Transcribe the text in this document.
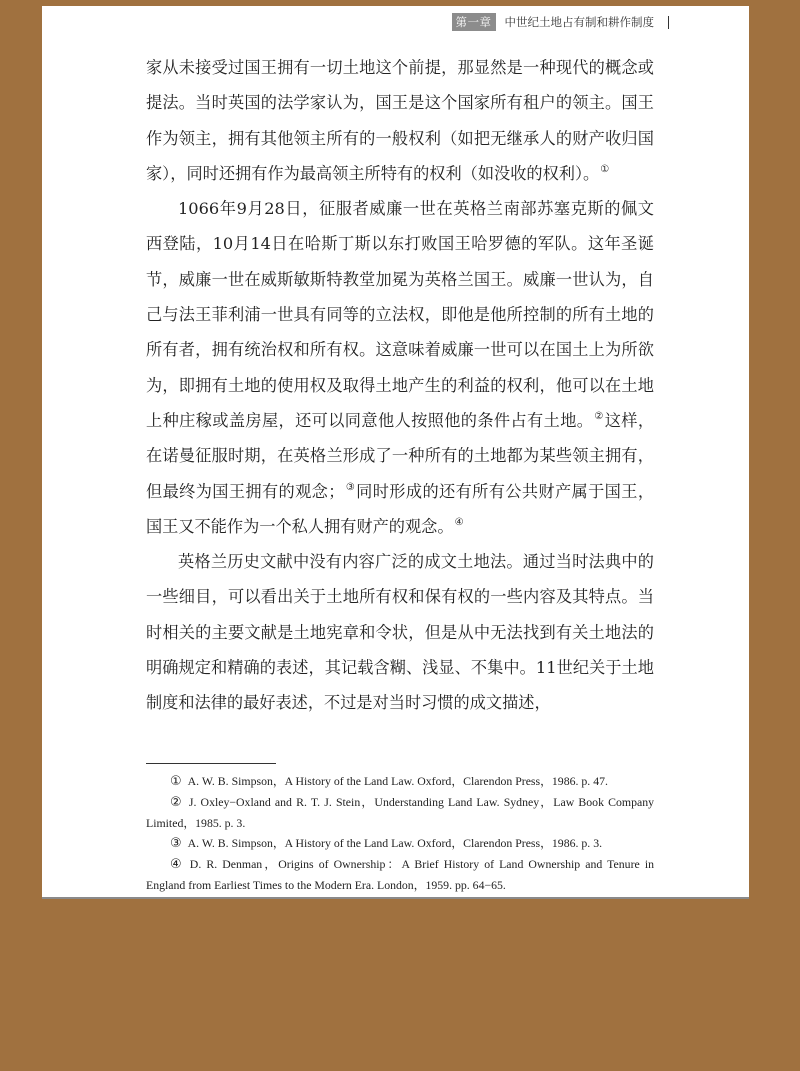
第一章	中世纪土地占有制和耕作制度

家从未接受过国王拥有一切土地这个前提，那显然是一种现代的概念或提法。当时英国的法学家认为，国王是这个国家所有租户的领主。国王作为领主，拥有其他领主所有的一般权利（如把无继承人的财产收归国家），同时还拥有作为最高领主所特有的权利（如没收的权利）。①

1066年9月28日，征服者威廉一世在英格兰南部苏塞克斯的佩文西登陆，10月14日在哈斯丁斯以东打败国王哈罗德的军队。这年圣诞节，威廉一世在威斯敏斯特教堂加冕为英格兰国王。威廉一世认为，自己与法王菲利浦一世具有同等的立法权，即他是他所控制的所有土地的所有者，拥有统治权和所有权。这意味着威廉一世可以在国土上为所欲为，即拥有土地的使用权及取得土地产生的利益的权利，他可以在土地上种庄稼或盖房屋，还可以同意他人按照他的条件占有土地。②这样，在诺曼征服时期，在英格兰形成了一种所有的土地都为某些领主拥有，但最终为国王拥有的观念；③同时形成的还有所有公共财产属于国王，国王又不能作为一个私人拥有财产的观念。④

英格兰历史文献中没有内容广泛的成文土地法。通过当时法典中的一些细目，可以看出关于土地所有权和保有权的一些内容及其特点。当时相关的主要文献是土地宪章和令状，但是从中无法找到有关土地法的明确规定和精确的表述，其记载含糊、浅显、不集中。11世纪关于土地制度和法律的最好表述，不过是对当时习惯的成文描述，

① A. W. B. Simpson，A History of the Land Law. Oxford，Clarendon Press，1986. p. 47.

② J. Oxley−Oxland and R. T. J. Stein，Understanding Land Law. Sydney，Law Book Company Limited，1985. p. 3.

③ A. W. B. Simpson，A History of the Land Law. Oxford，Clarendon Press，1986. p. 3.

④ D. R. Denman，Origins of Ownership：A Brief History of Land Ownership and Tenure in England from Earliest Times to the Modern Era. London，1959. pp. 64−65.
